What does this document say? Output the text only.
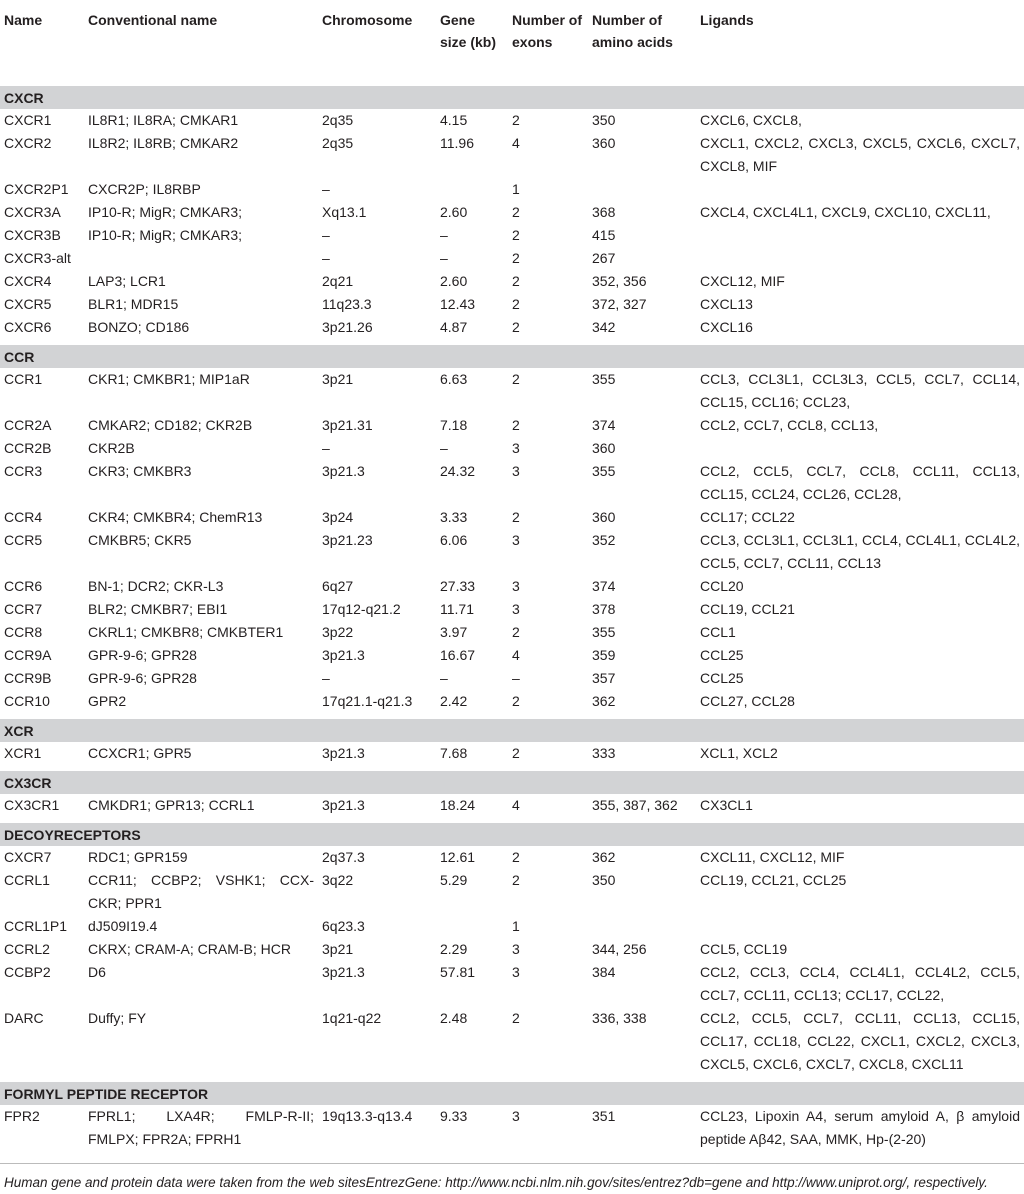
Name	Conventional name	Chromosome	Gene size (kb)	Number of exons	Number of amino acids	Ligands
CXCR						
CXCR1	IL8R1; IL8RA; CMKAR1	2q35	4.15	2	350	CXCL6, CXCL8,
CXCR2	IL8R2; IL8RB; CMKAR2	2q35	11.96	4	360	CXCL1, CXCL2, CXCL3, CXCL5, CXCL6, CXCL7, CXCL8, MIF
CXCR2P1	CXCR2P; IL8RBP	–		1		
CXCR3A	IP10-R; MigR; CMKAR3;	Xq13.1	2.60	2	368	CXCL4, CXCL4L1, CXCL9, CXCL10, CXCL11,
CXCR3B	IP10-R; MigR; CMKAR3;	–	–	2	415	
CXCR3-alt		–	–	2	267	
CXCR4	LAP3; LCR1	2q21	2.60	2	352, 356	CXCL12, MIF
CXCR5	BLR1; MDR15	11q23.3	12.43	2	372, 327	CXCL13
CXCR6	BONZO; CD186	3p21.26	4.87	2	342	CXCL16
CCR						
CCR1	CKR1; CMKBR1; MIP1aR	3p21	6.63	2	355	CCL3, CCL3L1, CCL3L3, CCL5, CCL7, CCL14, CCL15, CCL16; CCL23,
CCR2A	CMKAR2; CD182; CKR2B	3p21.31	7.18	2	374	CCL2, CCL7, CCL8, CCL13,
CCR2B	CKR2B	–	–	3	360	
CCR3	CKR3; CMKBR3	3p21.3	24.32	3	355	CCL2, CCL5, CCL7, CCL8, CCL11, CCL13, CCL15, CCL24, CCL26, CCL28,
CCR4	CKR4; CMKBR4; ChemR13	3p24	3.33	2	360	CCL17; CCL22
CCR5	CMKBR5; CKR5	3p21.23	6.06	3	352	CCL3, CCL3L1, CCL3L1, CCL4, CCL4L1, CCL4L2, CCL5, CCL7, CCL11, CCL13
CCR6	BN-1; DCR2; CKR-L3	6q27	27.33	3	374	CCL20
CCR7	BLR2; CMKBR7; EBI1	17q12-q21.2	11.71	3	378	CCL19, CCL21
CCR8	CKRL1; CMKBR8; CMKBTER1	3p22	3.97	2	355	CCL1
CCR9A	GPR-9-6; GPR28	3p21.3	16.67	4	359	CCL25
CCR9B	GPR-9-6; GPR28	–	–	–	357	CCL25
CCR10	GPR2	17q21.1-q21.3	2.42	2	362	CCL27, CCL28
XCR						
XCR1	CCXCR1; GPR5	3p21.3	7.68	2	333	XCL1, XCL2
CX3CR						
CX3CR1	CMKDR1; GPR13; CCRL1	3p21.3	18.24	4	355, 387, 362	CX3CL1
DECOYRECEPTORS						
CXCR7	RDC1; GPR159	2q37.3	12.61	2	362	CXCL11, CXCL12, MIF
CCRL1	CCR11; CCBP2; VSHK1; CCX-CKR; PPR1	3q22	5.29	2	350	CCL19, CCL21, CCL25
CCRL1P1	dJ509I19.4	6q23.3		1		
CCRL2	CKRX; CRAM-A; CRAM-B; HCR	3p21	2.29	3	344, 256	CCL5, CCL19
CCBP2	D6	3p21.3	57.81	3	384	CCL2, CCL3, CCL4, CCL4L1, CCL4L2, CCL5, CCL7, CCL11, CCL13; CCL17, CCL22,
DARC	Duffy; FY	1q21-q22	2.48	2	336, 338	CCL2, CCL5, CCL7, CCL11, CCL13, CCL15, CCL17, CCL18, CCL22, CXCL1, CXCL2, CXCL3, CXCL5, CXCL6, CXCL7, CXCL8, CXCL11
FORMYL PEPTIDE RECEPTOR						
FPR2	FPRL1; LXA4R; FMLP-R-II; FMLPX; FPR2A; FPRH1	19q13.3-q13.4	9.33	3	351	CCL23, Lipoxin A4, serum amyloid A, β amyloid peptide Aβ42, SAA, MMK, Hp-(2-20)
Human gene and protein data were taken from the web sitesEntrezGene: http://www.ncbi.nlm.nih.gov/sites/entrez?db=gene and http://www.uniprot.org/, respectively.
